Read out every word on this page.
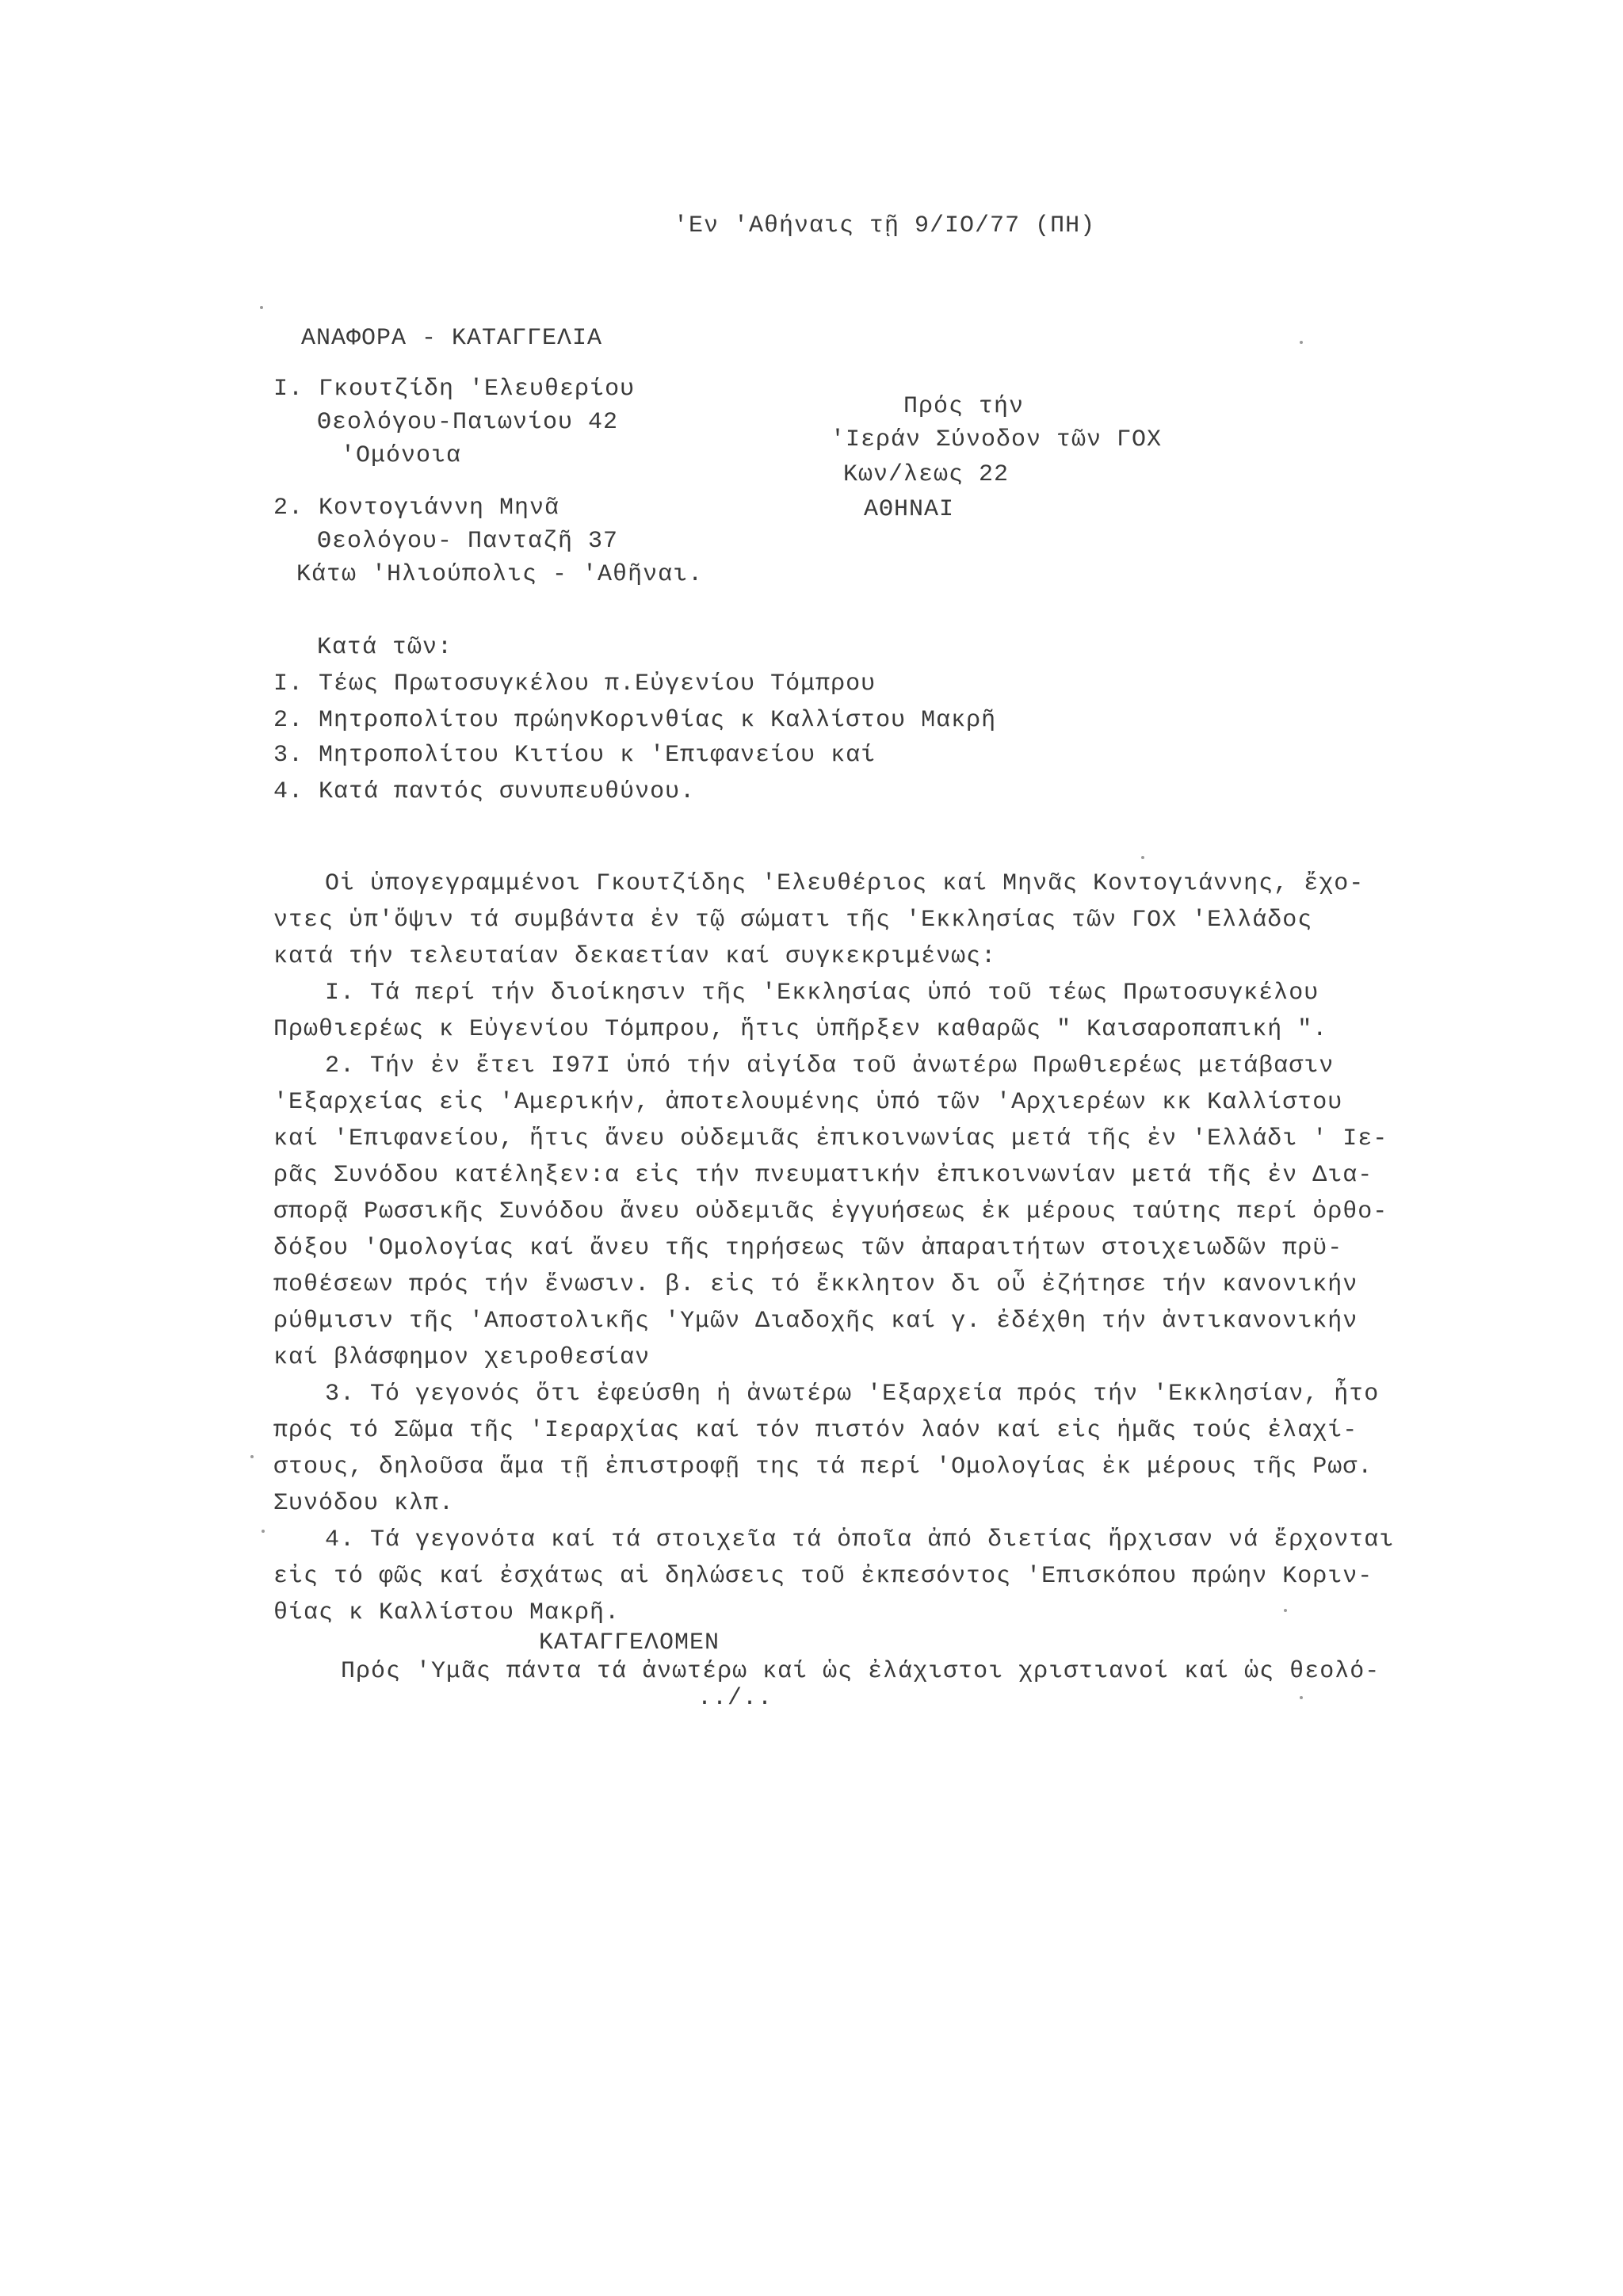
'Εν 'Αθήναις τῇ 9/IO/77 (ΠΗ)
ΑΝΑΦΟΡΑ - ΚΑΤΑΓΓΕΛΙΑ
I. Γκουτζίδη 'Ελευθερίου
Θεολόγου-Παιωνίου 42
'Ομόνοια
2. Κοντογιάννη Μηνᾶ
Θεολόγου- Πανταζῆ 37
Κάτω 'Ηλιούπολις - 'Αθῆναι.
Πρός τήν
'Ιεράν Σύνοδον τῶν ΓΟΧ
Κων/λεως 22
ΑΘΗΝΑΙ
Κατά τῶν:
I. Τέως Πρωτοσυγκέλου π.Εὐγενίου Τόμπρου
2. Μητροπολίτου πρώηνΚορινθίας κ Καλλίστου Μακρῆ
3. Μητροπολίτου Κιτίου κ 'Επιφανείου καί
4. Κατά παντός συνυπευθύνου.
Οἱ ὑπογεγραμμένοι Γκουτζίδης 'Ελευθέριος καί Μηνᾶς Κοντογιάννης, ἔχο-
ντες ὑπ'ὄψιν τά συμβάντα ἐν τῷ σώματι τῆς 'Εκκλησίας τῶν ΓΟΧ 'Ελλάδος
κατά τήν τελευταίαν δεκαετίαν καί συγκεκριμένως:
I. Τά περί τήν διοίκησιν τῆς 'Εκκλησίας ὑπό τοῦ τέως Πρωτοσυγκέλου
Πρωθιερέως κ Εὐγενίου Τόμπρου, ἥτις ὑπῆρξεν καθαρῶς " Καισαροπαπική ".
2. Τήν ἐν ἔτει I97I ὑπό τήν αἰγίδα τοῦ ἀνωτέρω Πρωθιερέως μετάβασιν
'Εξαρχείας εἰς 'Αμερικήν, ἀποτελουμένης ὑπό τῶν 'Αρχιερέων κκ Καλλίστου
καί 'Επιφανείου, ἥτις ἄνευ οὐδεμιᾶς ἐπικοινωνίας μετά τῆς ἐν 'Ελλάδι ' Ιε-
ρᾶς Συνόδου κατέληξεν:α εἰς τήν πνευματικήν ἐπικοινωνίαν μετά τῆς ἐν Δια-
σπορᾷ Ρωσσικῆς Συνόδου ἄνευ οὐδεμιᾶς ἐγγυήσεως ἐκ μέρους ταύτης περί ὀρθο-
δόξου 'Ομολογίας καί ἄνευ τῆς τηρήσεως τῶν ἀπαραιτήτων στοιχειωδῶν πρϋ-
ποθέσεων πρός τήν ἕνωσιν. β. εἰς τό ἔκκλητον δι οὗ ἐζήτησε τήν κανονικήν
ρύθμισιν τῆς 'Αποστολικῆς 'Υμῶν Διαδοχῆς καί γ. ἐδέχθη τήν ἀντικανονικήν
καί βλάσφημον χειροθεσίαν
3. Τό γεγονός ὅτι ἐφεύσθη ἡ ἀνωτέρω 'Εξαρχεία πρός τήν 'Εκκλησίαν, ἦτο
πρός τό Σῶμα τῆς 'Ιεραρχίας καί τόν πιστόν λαόν καί εἰς ἡμᾶς τούς ἐλαχί-
στους, δηλοῦσα ἅμα τῇ ἐπιστροφῇ της τά περί 'Ομολογίας ἐκ μέρους τῆς Ρωσ.
Συνόδου κλπ.
4. Τά γεγονότα καί τά στοιχεῖα τά ὁποῖα ἀπό διετίας ἤρχισαν νά ἔρχονται
εἰς τό φῶς καί ἐσχάτως αἱ δηλώσεις τοῦ ἐκπεσόντος 'Επισκόπου πρώην Κοριν-
θίας κ Καλλίστου Μακρῆ.
ΚΑΤΑΓΓΕΛΟΜΕΝ
Πρός 'Υμᾶς πάντα τά ἀνωτέρω καί ὡς ἐλάχιστοι χριστιανοί καί ὡς θεολό-
../..
